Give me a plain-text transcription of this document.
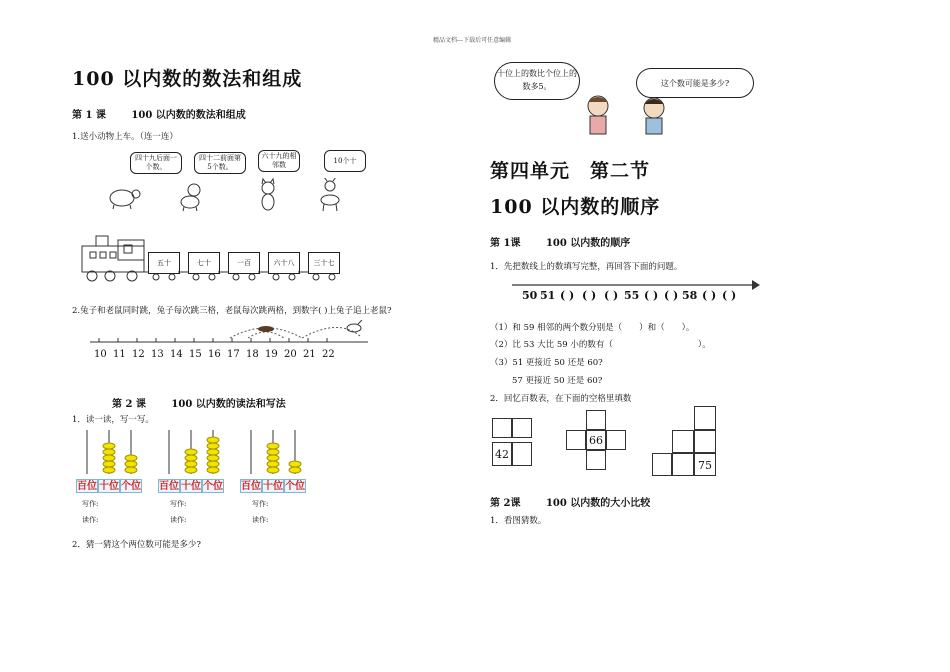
精品文档---下载后可任意编辑
100 以内数的数法和组成
第 1 课	100 以内数的数法和组成
1.送小动物上车。（连一连）
四十九后面一个数。
四十二前面第5个数。
六十九的相邻数	10个十
五十	七十	一百	六十八	三十七
2.兔子和老鼠同时跳，兔子每次跳三格，老鼠每次跳两格，到数字( )上兔子追上老鼠?
10 11 12 13 14 15 16 17 18 19 20 21 22
第 2 课	100 以内数的读法和写法
1．读一读，写一写。
百位 十位 个位 百位 十位 个位 百位 十位 个位
写作:
读作:
写作:
读作:
写作:
读作:
2．猜一猜这个两位数可能是多少?
十位上的数比个位上的数多5。	这个数可能是多少?
第四单元　第二节
100 以内数的顺序
第 1课	100 以内数的顺序
1．先把数线上的数填写完整，再回答下面的问题。
50 51 ( ) ( ) ( ) 55 ( ) ( ) 58 ( ) ( )
（1）和 59 相邻的两个数分别是（　　）和（　　）。
（2）比 53 大比 59 小的数有（　　　　　　　　　　）。
（3）51 更接近 50 还是 60?
57 更接近 50 还是 60?
2．回忆百数表，在下面的空格里填数
42
66
75
第 2课	100 以内数的大小比较
1．看图猜数。
